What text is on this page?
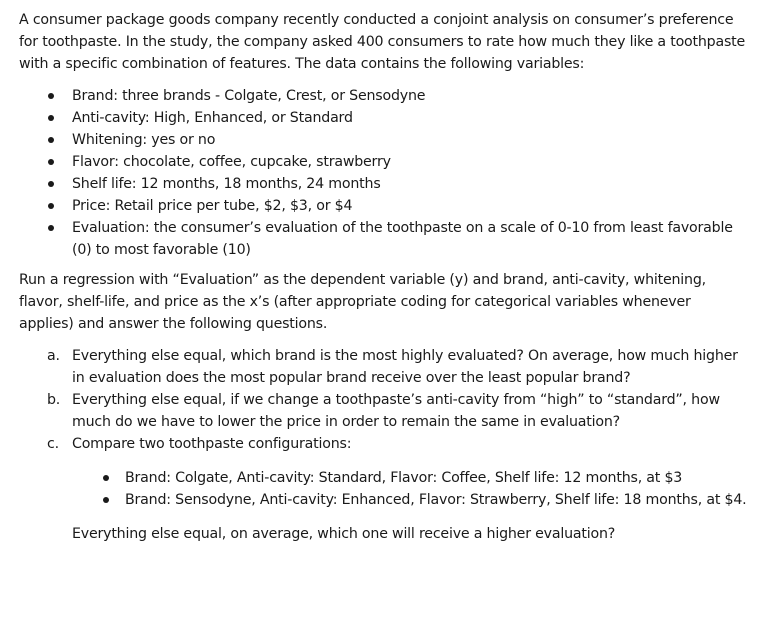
A consumer package goods company recently conducted a conjoint analysis on consumer’s preference for toothpaste. In the study, the company asked 400 consumers to rate how much they like a toothpaste with a specific combination of features. The data contains the following variables:

Brand: three brands - Colgate, Crest, or Sensodyne
Anti-cavity: High, Enhanced, or Standard
Whitening: yes or no
Flavor: chocolate, coffee, cupcake, strawberry
Shelf life: 12 months, 18 months, 24 months
Price: Retail price per tube, $2, $3, or $4
Evaluation: the consumer’s evaluation of the toothpaste on a scale of 0-10 from least favorable (0) to most favorable (10)

Run a regression with “Evaluation” as the dependent variable (y) and brand, anti-cavity, whitening, flavor, shelf-life, and price as the x’s (after appropriate coding for categorical variables whenever applies) and answer the following questions.

a. Everything else equal, which brand is the most highly evaluated? On average, how much higher in evaluation does the most popular brand receive over the least popular brand?
b. Everything else equal, if we change a toothpaste’s anti-cavity from “high” to “standard”, how much do we have to lower the price in order to remain the same in evaluation?
c. Compare two toothpaste configurations:
Brand: Colgate, Anti-cavity: Standard, Flavor: Coffee, Shelf life: 12 months, at $3
Brand: Sensodyne, Anti-cavity: Enhanced, Flavor: Strawberry, Shelf life: 18 months, at $4.

Everything else equal, on average, which one will receive a higher evaluation?
